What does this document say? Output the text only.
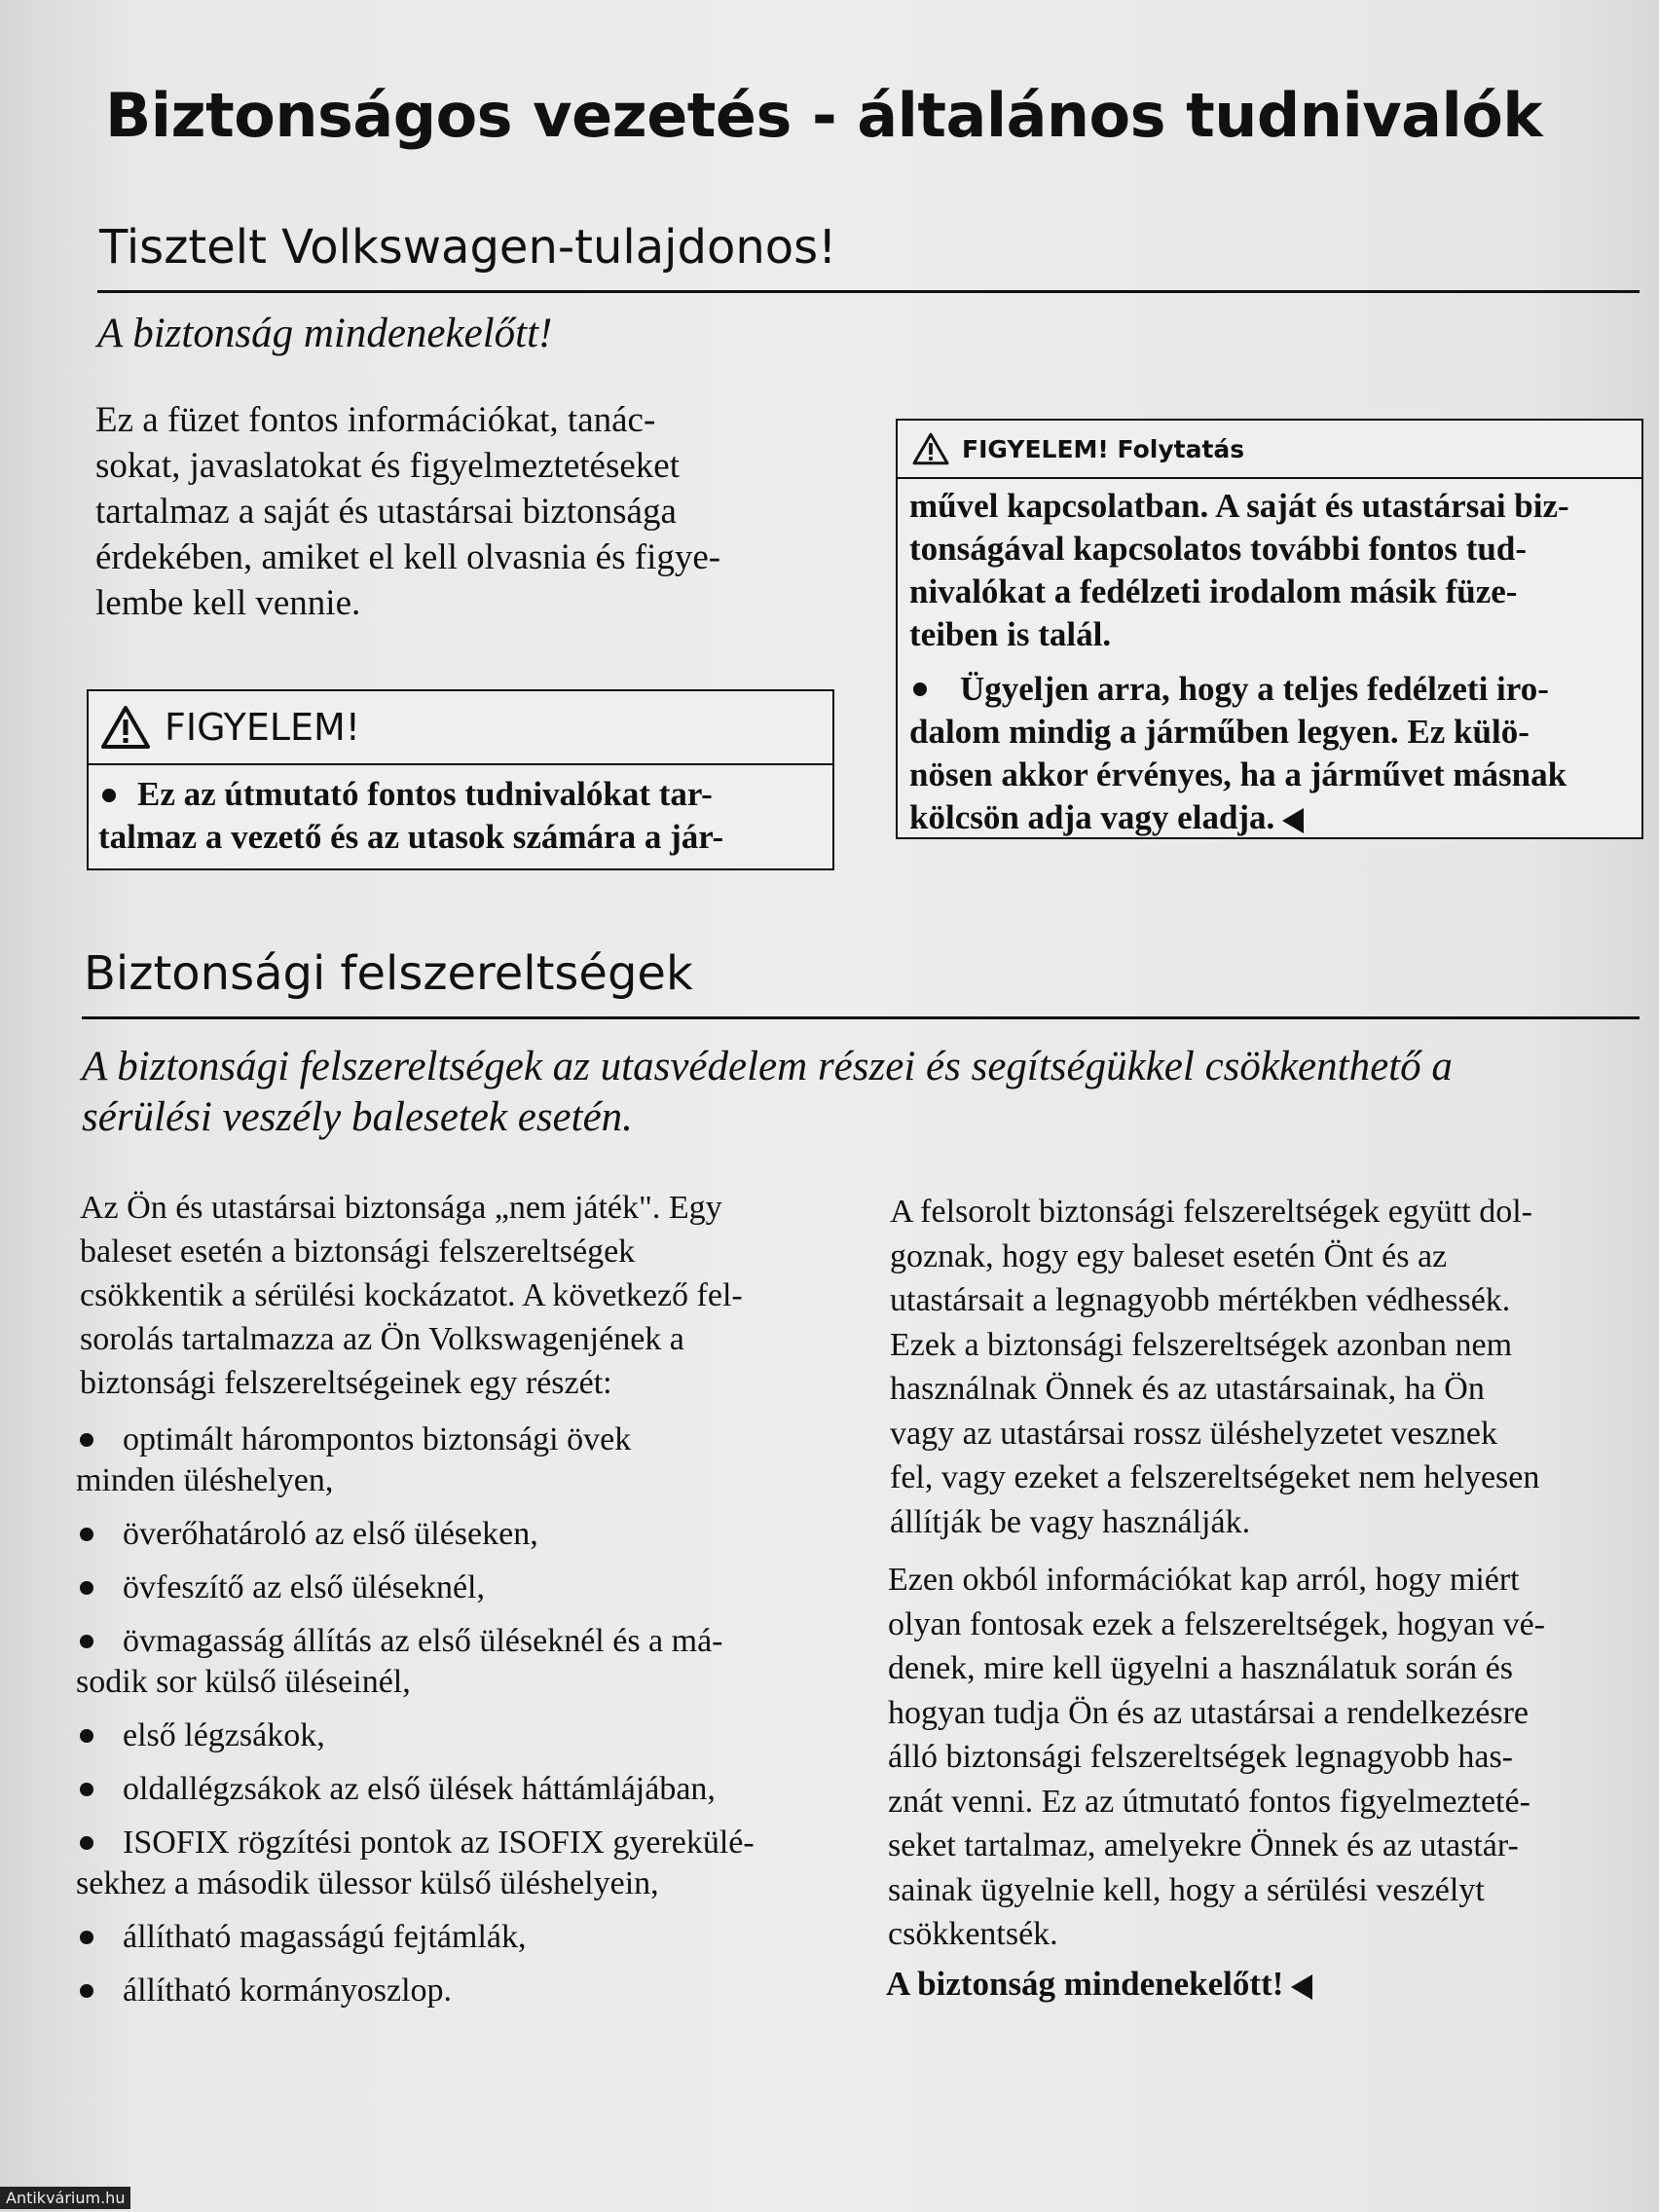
Biztonságos vezetés - általános tudnivalók
Tisztelt Volkswagen-tulajdonos!
A biztonság mindenekelőtt!

Ez a füzet fontos információkat, tanác-
sokat, javaslatokat és figyelmeztetéseket
tartalmaz a saját és utastársai biztonsága
érdekében, amiket el kell olvasnia és figye-
lembe kell vennie.

FIGYELEM!
Ez az útmutató fontos tudnivalókat tar-
talmaz a vezető és az utasok számára a jár-
FIGYELEM! Folytatás
művel kapcsolatban. A saját és utastársai biz-
tonságával kapcsolatos további fontos tud-
nivalókat a fedélzeti irodalom másik füze-
teiben is talál.
Ügyeljen arra, hogy a teljes fedélzeti iro-
dalom mindig a járműben legyen. Ez külö-
nösen akkor érvényes, ha a járművet másnak
kölcsön adja vagy eladja.
Biztonsági felszereltségek
A biztonsági felszereltségek az utasvédelem részei és segítségükkel csökkenthető a
sérülési veszély balesetek esetén.

Az Ön és utastársai biztonsága „nem játék". Egy
baleset esetén a biztonsági felszereltségek
csökkentik a sérülési kockázatot. A következő fel-
sorolás tartalmazza az Ön Volkswagenjének a
biztonsági felszereltségeinek egy részét:

optimált hárompontos biztonsági övek
minden üléshelyen,
överőhatároló az első üléseken,
övfeszítő az első üléseknél,
övmagasság állítás az első üléseknél és a má-
sodik sor külső üléseinél,
első légzsákok,
oldallégzsákok az első ülések háttámlájában,
ISOFIX rögzítési pontok az ISOFIX gyerekülé-
sekhez a második ülessor külső üléshelyein,
állítható magasságú fejtámlák,
állítható kormányoszlop.

A felsorolt biztonsági felszereltségek együtt dol-
goznak, hogy egy baleset esetén Önt és az
utastársait a legnagyobb mértékben védhessék.
Ezek a biztonsági felszereltségek azonban nem
használnak Önnek és az utastársainak, ha Ön
vagy az utastársai rossz üléshelyzetet vesznek
fel, vagy ezeket a felszereltségeket nem helyesen
állítják be vagy használják.

Ezen okból információkat kap arról, hogy miért
olyan fontosak ezek a felszereltségek, hogyan vé-
denek, mire kell ügyelni a használatuk során és
hogyan tudja Ön és az utastársai a rendelkezésre
álló biztonsági felszereltségek legnagyobb has-
znát venni. Ez az útmutató fontos figyelmezteté-
seket tartalmaz, amelyekre Önnek és az utastár-
sainak ügyelnie kell, hogy a sérülési veszélyt
csökkentsék.

A biztonság mindenekelőtt!
Antikvárium.hu
